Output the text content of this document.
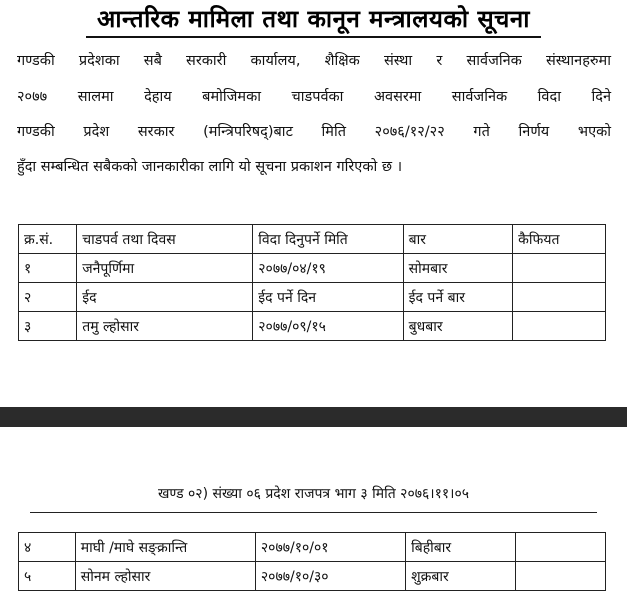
आन्तरिक मामिला तथा कानून मन्त्रालयको सूचना
गण्डकी प्रदेशका सबै सरकारी कार्यालय, शैक्षिक संस्था र सार्वजनिक संस्थानहरुमा
२०७७ सालमा देहाय बमोजिमका चाडपर्वका अवसरमा सार्वजनिक विदा दिने
गण्डकी प्रदेश सरकार (मन्त्रिपरिषद्)बाट मिति २०७६/१२/२२ गते निर्णय भएको
हुँदा सम्बन्धित सबैकको जानकारीका लागि यो सूचना प्रकाशन गरिएको छ ।
क्र.सं.	चाडपर्व तथा दिवस	विदा दिनुपर्ने मिति	बार	कैफियत
१	जनैपूर्णिमा	२०७७/०४/१९	सोमबार	
२	ईद	ईद पर्ने दिन	ईद पर्ने बार	
३	तमु ल्होसार	२०७७/०९/१५	बुधबार	
खण्ड ०२) संख्या ०६ प्रदेश राजपत्र भाग ३ मिति २०७६।११।०५
४	माघी /माघे सङ्क्रान्ति	२०७७/१०/०१	बिहीबार	
५	सोनम ल्होसार	२०७७/१०/३०	शुक्रबार	
